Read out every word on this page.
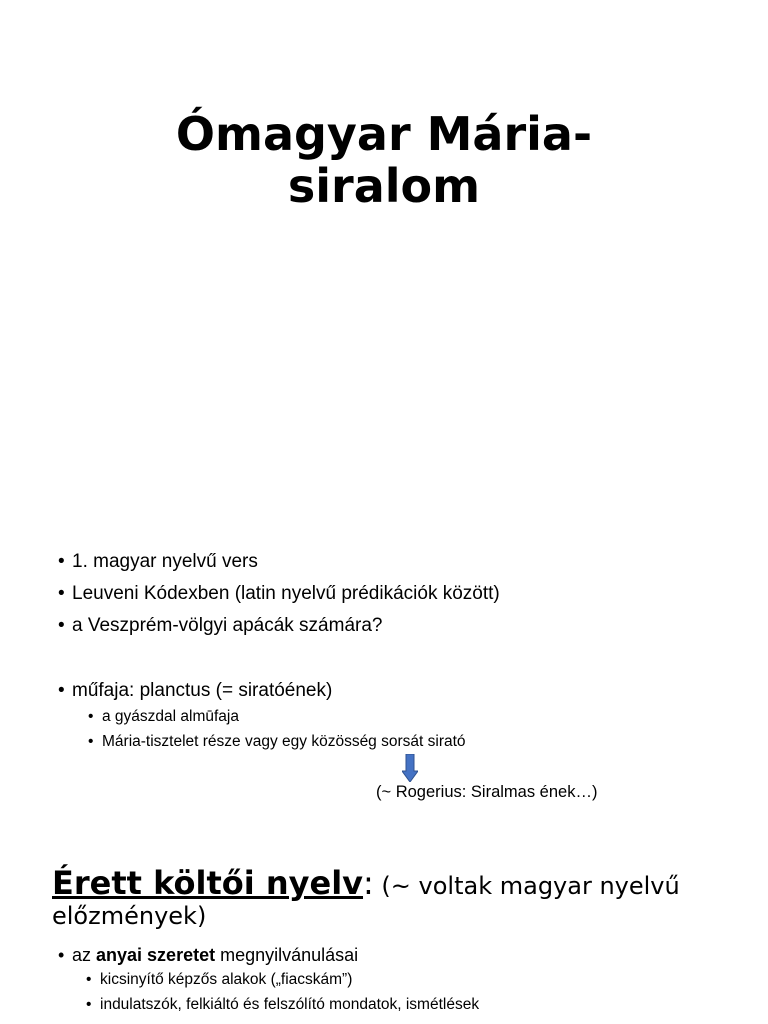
Ómagyar Mária-
siralom
• 1. magyar nyelvű vers
• Leuveni Kódexben (latin nyelvű prédikációk között)
• a Veszprém-völgyi apácák számára?
• műfaja: planctus (= siratóének)
• a gyászdal almūfaja
• Mária-tisztelet része vagy egy közösség sorsát sirató
(~ Rogerius: Siralmas ének…)
Érett költői nyelv: (~ voltak magyar nyelvű előzmények)
• az anyai szeretet megnyilvánulásai
• kicsinyítő képzős alakok („fiacskám”)
• indulatszók, felkiáltó és felszólító mondatok, ismétlések
